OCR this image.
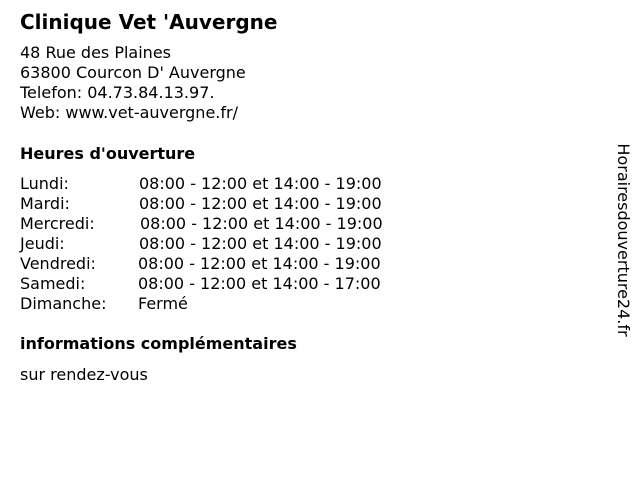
Clinique Vet 'Auvergne
48 Rue des Plaines
63800 Courcon D' Auvergne
Telefon: 04.73.84.13.97.
Web: www.vet-auvergne.fr/
Heures d'ouverture
Lundi:	08:00 - 12:00 et 14:00 - 19:00
Mardi:	08:00 - 12:00 et 14:00 - 19:00
Mercredi:	08:00 - 12:00 et 14:00 - 19:00
Jeudi:	08:00 - 12:00 et 14:00 - 19:00
Vendredi:	08:00 - 12:00 et 14:00 - 19:00
Samedi:	08:00 - 12:00 et 14:00 - 17:00
Dimanche:	Fermé
informations complémentaires
sur rendez-vous
Horairesdouverture24.fr
